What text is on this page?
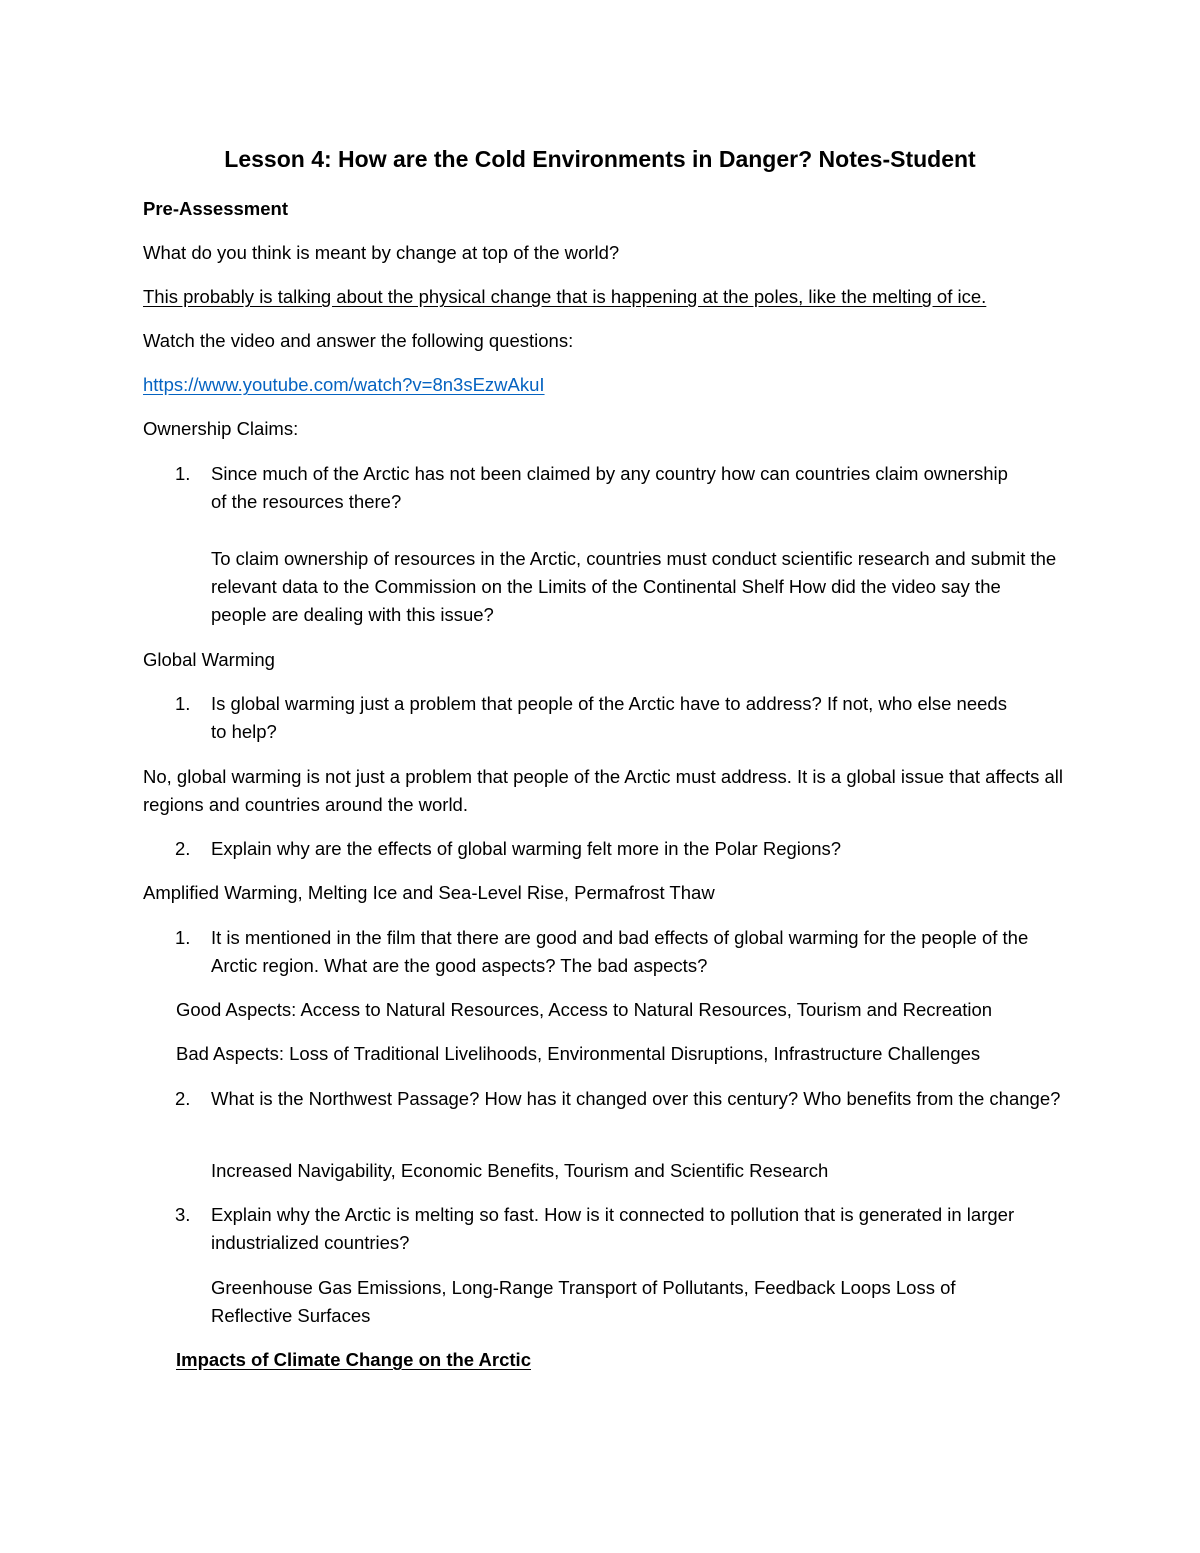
Lesson 4: How are the Cold Environments in Danger? Notes-Student
Pre-Assessment
What do you think is meant by change at top of the world?
This probably is talking about the physical change that is happening at the poles, like the melting of ice.
Watch the video and answer the following questions:
https://www.youtube.com/watch?v=8n3sEzwAkuI
Ownership Claims:
1. Since much of the Arctic has not been claimed by any country how can countries claim ownership of the resources there?
To claim ownership of resources in the Arctic, countries must conduct scientific research and submit the relevant data to the Commission on the Limits of the Continental Shelf How did the video say the people are dealing with this issue?
Global Warming
1. Is global warming just a problem that people of the Arctic have to address? If not, who else needs to help?
No, global warming is not just a problem that people of the Arctic must address. It is a global issue that affects all regions and countries around the world.
2. Explain why are the effects of global warming felt more in the Polar Regions?
Amplified Warming, Melting Ice and Sea-Level Rise, Permafrost Thaw
1. It is mentioned in the film that there are good and bad effects of global warming for the people of the Arctic region. What are the good aspects? The bad aspects?
Good Aspects: Access to Natural Resources, Access to Natural Resources, Tourism and Recreation
Bad Aspects: Loss of Traditional Livelihoods, Environmental Disruptions, Infrastructure Challenges
2. What is the Northwest Passage? How has it changed over this century? Who benefits from the change?
Increased Navigability, Economic Benefits, Tourism and Scientific Research
3. Explain why the Arctic is melting so fast. How is it connected to pollution that is generated in larger industrialized countries?
Greenhouse Gas Emissions, Long-Range Transport of Pollutants, Feedback Loops Loss of Reflective Surfaces
Impacts of Climate Change on the Arctic
